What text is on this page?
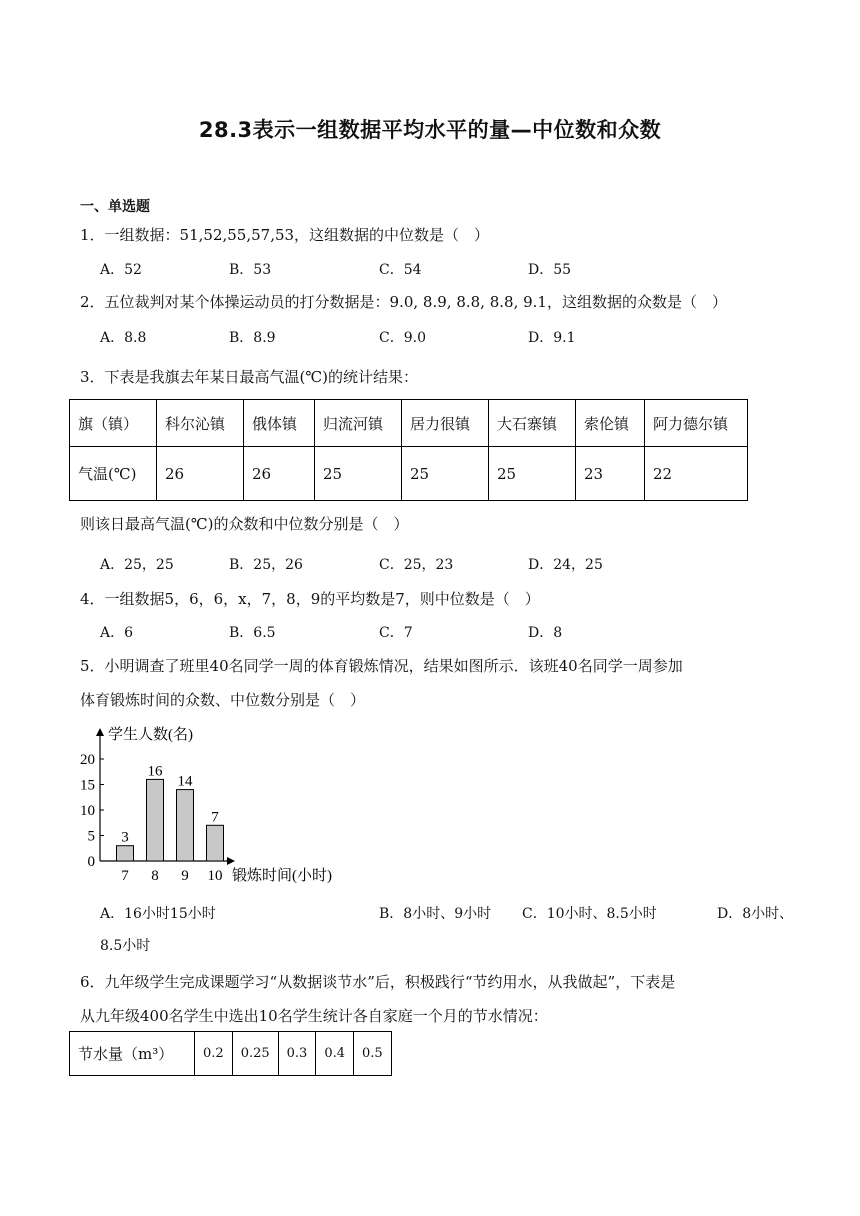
28.3表示一组数据平均水平的量—中位数和众数
一、单选题
1．一组数据：51,52,55,57,53，这组数据的中位数是（　）
A．52	B．53	C．54	D．55
2．五位裁判对某个体操运动员的打分数据是：9.0, 8.9, 8.8, 8.8, 9.1，这组数据的众数是（　）
A．8.8	B．8.9	C．9.0	D．9.1
3．下表是我旗去年某日最高气温(℃)的统计结果：
旗（镇）	科尔沁镇	俄体镇	归流河镇	居力很镇	大石寨镇	索伦镇	阿力德尔镇
气温(℃)	26	26	25	25	25	23	22
则该日最高气温(℃)的众数和中位数分别是（　）
A．25，25	B．25，26	C．25，23	D．24，25
4．一组数据5，6，6，x，7，8，9的平均数是7，则中位数是（　）
A．6	B．6.5	C．7	D．8
5．小明调查了班里40名同学一周的体育锻炼情况，结果如图所示．该班40名同学一周参加
体育锻炼时间的众数、中位数分别是（　）
学生人数(名)
锻炼时间(小时)
0
5
10
15
20
3
7
16
8
14
9
7
10
A．16小时15小时	B．8小时、9小时 C．10小时、8.5小时	D．8小时、
8.5小时
6．九年级学生完成课题学习“从数据谈节水”后，积极践行“节约用水，从我做起”，下表是
从九年级400名学生中选出10名学生统计各自家庭一个月的节水情况：
节水量（m³）	0.2	0.25	0.3	0.4	0.5
